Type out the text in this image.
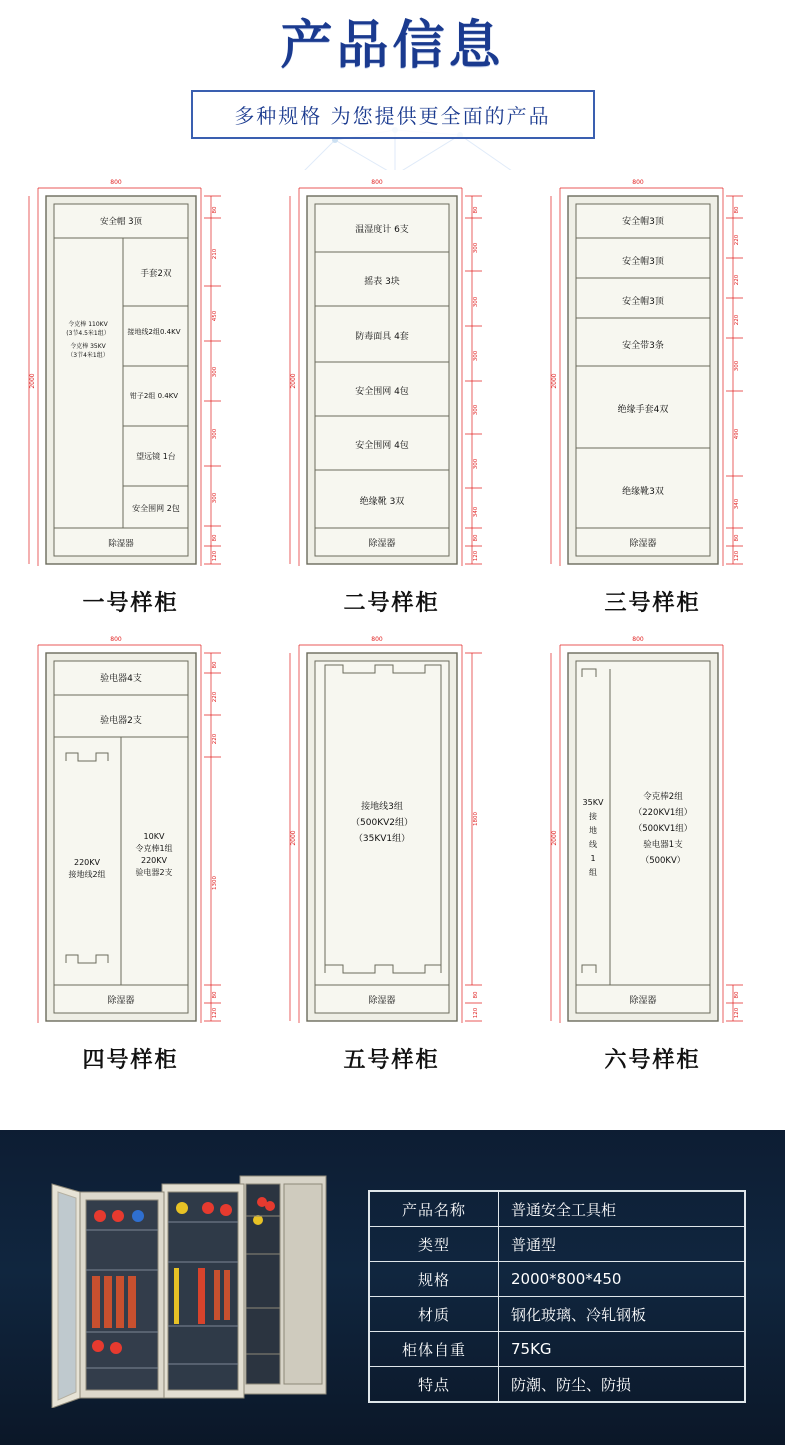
产品信息
多种规格 为您提供更全面的产品
800
2000
80
210
450
300
300
300
80
120
安全帽 3顶
手套2双
接地线2组0.4KV
钳子2组 0.4KV
望远镜 1台
安全围网 2包
令克棒 110KV
(3节4.5米1组）
令克棒 35KV
（3节4米1组）
除湿器
一号样柜
800
2000
80
300
300
300
300
300
340
80
120
温湿度计 6支
摇表 3块
防毒面具 4套
安全围网 4包
安全围网 4包
绝缘靴 3双
除湿器
二号样柜
800
2000
80
220
220
220
300
490
340
80
120
安全帽3顶
安全帽3顶
安全帽3顶
安全带3条
绝缘手套4双
绝缘靴3双
除湿器
三号样柜
800
80
220
220
1300
80
120
验电器4支
验电器2支
除湿器
220KV
接地线2组
10KV
令克棒1组
220KV
验电器2支
四号样柜
800
2000
1800
80
120
接地线3组
（500KV2组）
（35KV1组）
除湿器
五号样柜
800
2000
80
120
35KV
接
地
线
1
组
令克棒2组
（220KV1组）
（500KV1组）
验电器1支
（500KV）
除湿器
六号样柜
产品名称	普通安全工具柜
类型	普通型
规格	2000*800*450
材质	钢化玻璃、冷轧钢板
柜体自重	75KG
特点	防潮、防尘、防损
